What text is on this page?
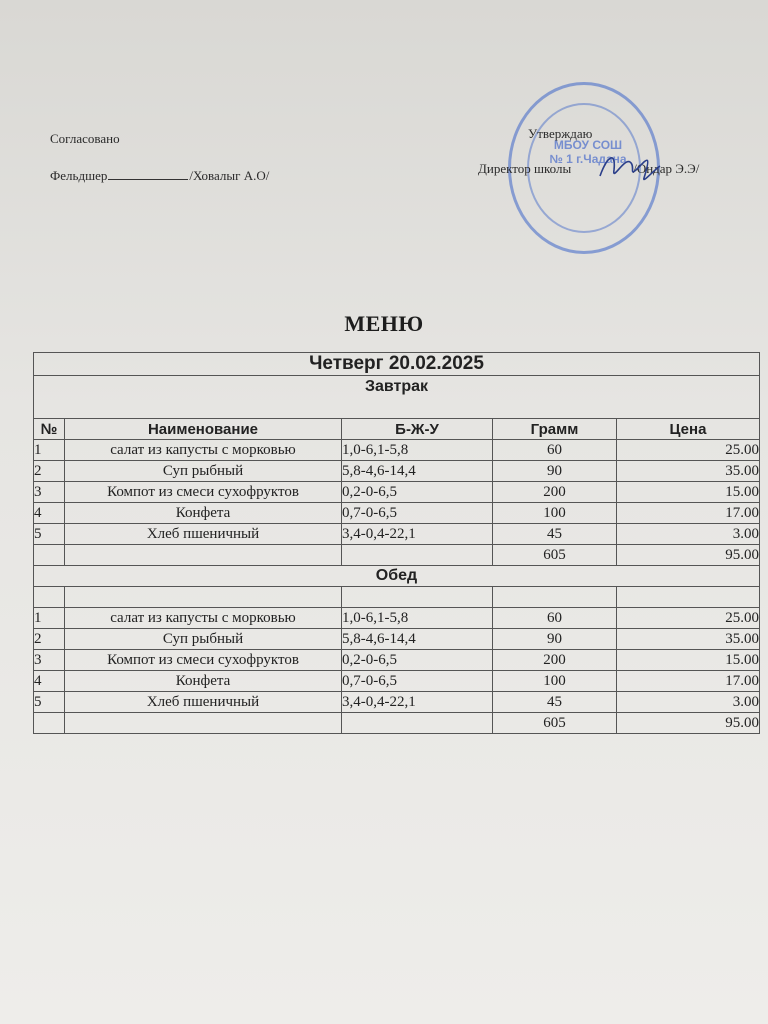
Согласовано
Фельдшер	/Ховалыг А.О/
МБОУ СОШ № 1 г.Чадана
Утверждаю
Директор школы	/Ондар Э.Э/
МЕНЮ
Четверг 20.02.2025				
Завтрак				
№	Наименование	Б-Ж-У	Грамм	Цена
1	салат из капусты с морковью	1,0-6,1-5,8	60	25.00
2	Суп рыбный	5,8-4,6-14,4	90	35.00
3	Компот из смеси сухофруктов	0,2-0-6,5	200	15.00
4	Конфета	0,7-0-6,5	100	17.00
5	Хлеб пшеничный	3,4-0,4-22,1	45	3.00
			605	95.00
Обед				

1	салат из капусты с морковью	1,0-6,1-5,8	60	25.00
2	Суп рыбный	5,8-4,6-14,4	90	35.00
3	Компот из смеси сухофруктов	0,2-0-6,5	200	15.00
4	Конфета	0,7-0-6,5	100	17.00
5	Хлеб пшеничный	3,4-0,4-22,1	45	3.00
			605	95.00
